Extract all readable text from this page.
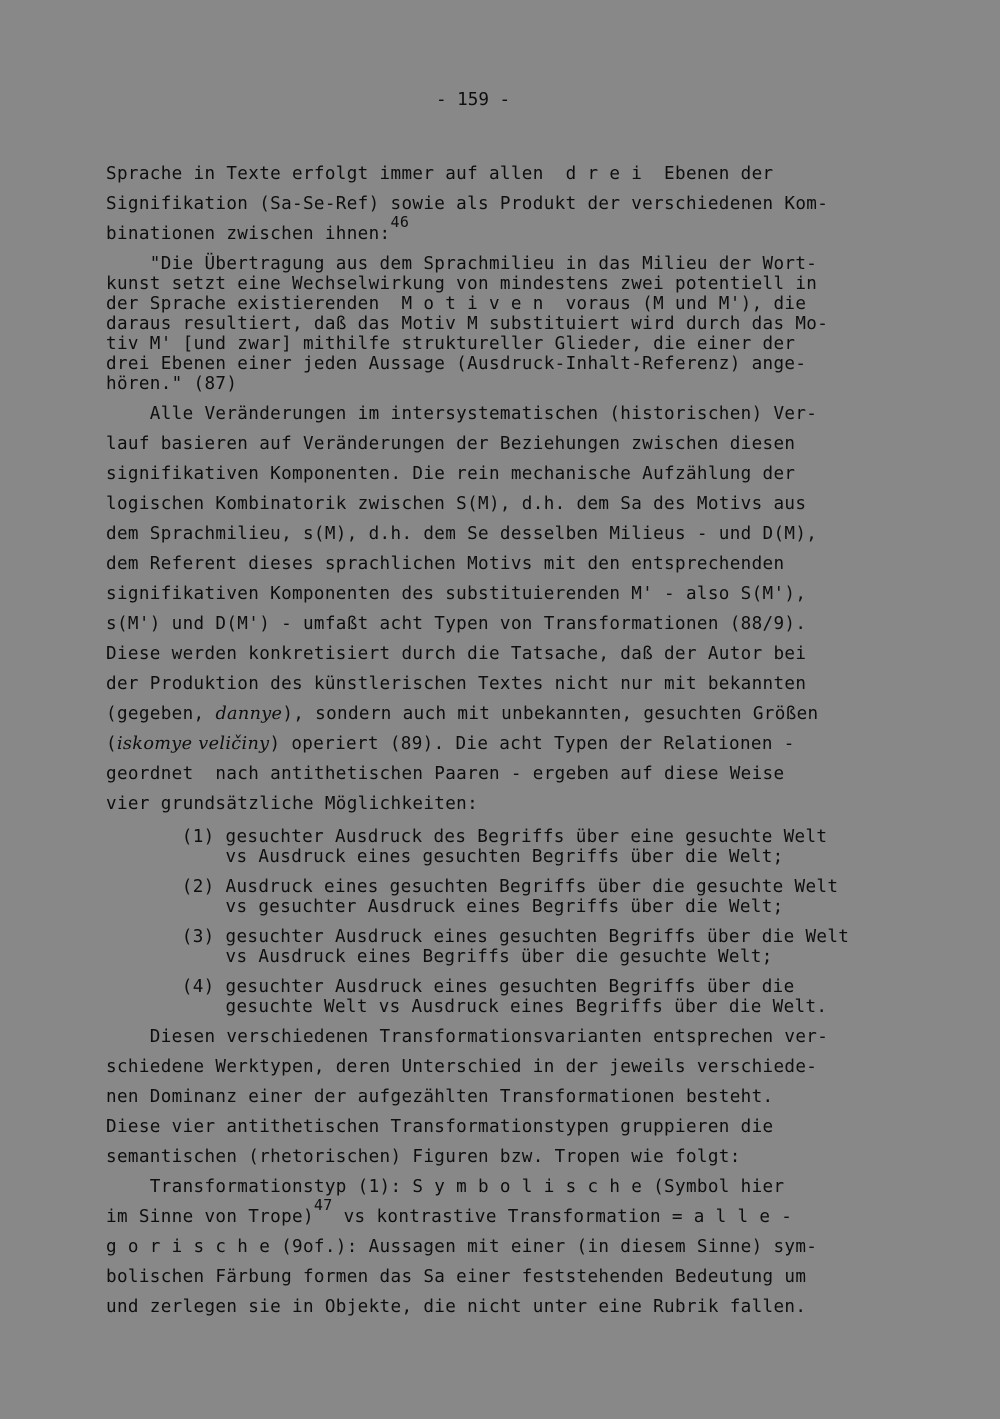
- 159 -
Sprache in Texte erfolgt immer auf allen  d r e i  Ebenen der
Signifikation (Sa-Se-Ref) sowie als Produkt der verschiedenen Kom-
binationen zwischen ihnen:46
"Die Übertragung aus dem Sprachmilieu in das Milieu der Wort-
kunst setzt eine Wechselwirkung von mindestens zwei potentiell in
der Sprache existierenden  M o t i v e n  voraus (M und M'), die
daraus resultiert, daß das Motiv M substituiert wird durch das Mo-
tiv M' [und zwar] mithilfe struktureller Glieder, die einer der
drei Ebenen einer jeden Aussage (Ausdruck-Inhalt-Referenz) ange-
hören." (87)
Alle Veränderungen im intersystematischen (historischen) Ver-
lauf basieren auf Veränderungen der Beziehungen zwischen diesen
signifikativen Komponenten. Die rein mechanische Aufzählung der
logischen Kombinatorik zwischen S(M), d.h. dem Sa des Motivs aus
dem Sprachmilieu, s(M), d.h. dem Se desselben Milieus - und D(M),
dem Referent dieses sprachlichen Motivs mit den entsprechenden
signifikativen Komponenten des substituierenden M' - also S(M'),
s(M') und D(M') - umfaßt acht Typen von Transformationen (88/9).
Diese werden konkretisiert durch die Tatsache, daß der Autor bei
der Produktion des künstlerischen Textes nicht nur mit bekannten
(gegeben, dannye), sondern auch mit unbekannten, gesuchten Größen
(iskomye veličiny) operiert (89). Die acht Typen der Relationen -
geordnet  nach antithetischen Paaren - ergeben auf diese Weise
vier grundsätzliche Möglichkeiten:
(1) gesuchter Ausdruck des Begriffs über eine gesuchte Welt
vs Ausdruck eines gesuchten Begriffs über die Welt;
(2) Ausdruck eines gesuchten Begriffs über die gesuchte Welt
vs gesuchter Ausdruck eines Begriffs über die Welt;
(3) gesuchter Ausdruck eines gesuchten Begriffs über die Welt
vs Ausdruck eines Begriffs über die gesuchte Welt;
(4) gesuchter Ausdruck eines gesuchten Begriffs über die
gesuchte Welt vs Ausdruck eines Begriffs über die Welt.
Diesen verschiedenen Transformationsvarianten entsprechen ver-
schiedene Werktypen, deren Unterschied in der jeweils verschiede-
nen Dominanz einer der aufgezählten Transformationen besteht.
Diese vier antithetischen Transformationstypen gruppieren die
semantischen (rhetorischen) Figuren bzw. Tropen wie folgt:
Transformationstyp (1): S y m b o l i s c h e (Symbol hier
im Sinne von Trope)47 vs kontrastive Transformation = a l l e -
g o r i s c h e (9of.): Aussagen mit einer (in diesem Sinne) sym-
bolischen Färbung formen das Sa einer feststehenden Bedeutung um
und zerlegen sie in Objekte, die nicht unter eine Rubrik fallen.
